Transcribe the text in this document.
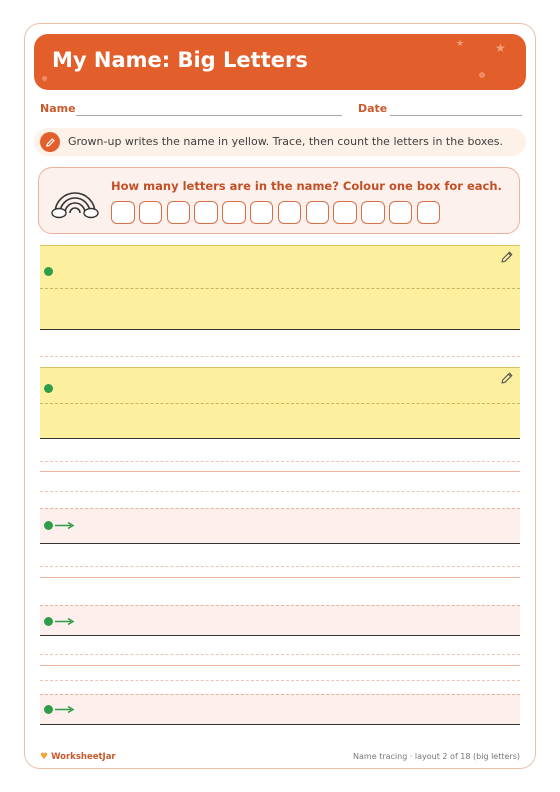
My Name: Big Letters
★	★
Name	Date
Grown-up writes the name in yellow. Trace, then count the letters in the boxes.
How many letters are in the name? Colour one box for each.
♥ WorksheetJar	Name tracing · layout 2 of 18 (big letters)
